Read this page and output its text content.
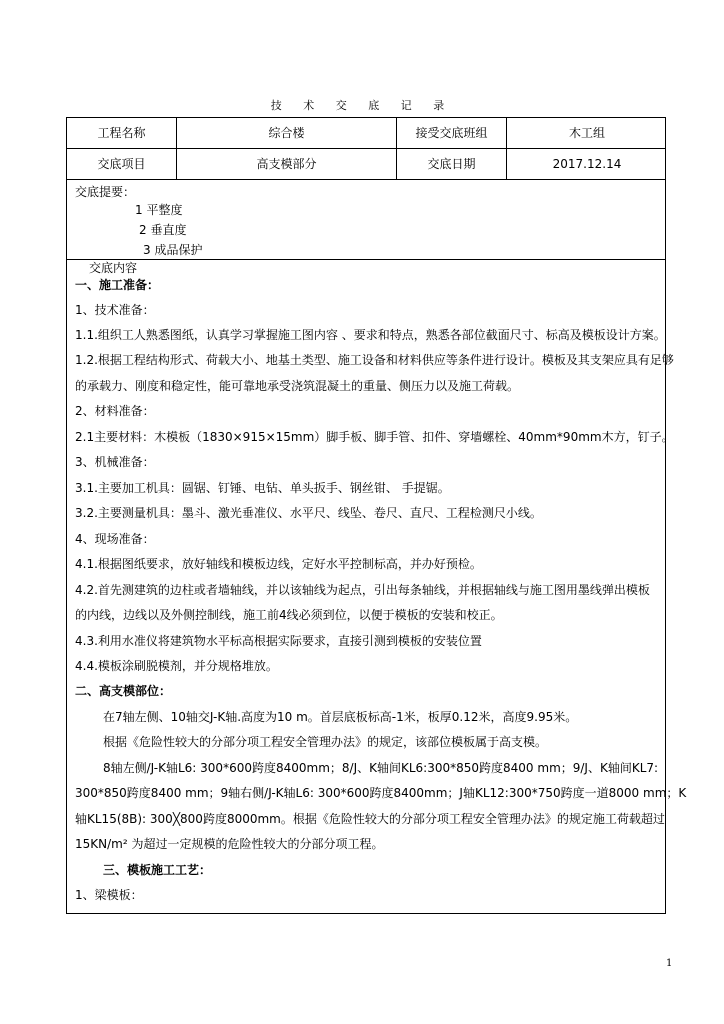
技 术 交 底 记 录
工程名称	综合楼	接受交底班组	木工组
交底项目	高支模部分	交底日期	2017.12.14
交底提要：
1 平整度
2 垂直度
3 成品保护
交底内容
一、施工准备：
1、技术准备：
1.1.组织工人熟悉图纸，认真学习掌握施工图内容 、要求和特点，熟悉各部位截面尺寸、标高及模板设计方案。
1.2.根据工程结构形式、荷载大小、地基土类型、施工设备和材料供应等条件进行设计。模板及其支架应具有足够
的承载力、刚度和稳定性，能可靠地承受浇筑混凝土的重量、侧压力以及施工荷载。
2、材料准备：
2.1主要材料：木模板（1830×915×15mm）脚手板、脚手管、扣件、穿墙螺栓、40mm*90mm木方，钉子。
3、机械准备：
3.1.主要加工机具：圆锯、钉锤、电钻、单头扳手、钢丝钳、 手提锯。
3.2.主要测量机具：墨斗、激光垂准仪、水平尺、线坠、卷尺、直尺、工程检测尺小线。
4、现场准备：
4.1.根据图纸要求，放好轴线和模板边线，定好水平控制标高，并办好预检。
4.2.首先测建筑的边柱或者墙轴线，并以该轴线为起点，引出每条轴线，并根据轴线与施工图用墨线弹出模板
的内线，边线以及外侧控制线，施工前4线必须到位，以便于模板的安装和校正。
4.3.利用水准仪将建筑物水平标高根据实际要求，直接引测到模板的安装位置
4.4.模板涂刷脱模剂，并分规格堆放。
二、高支模部位：
在7轴左侧、10轴交J-K轴.高度为10 m。首层底板标高-1米，板厚0.12米，高度9.95米。
根据《危险性较大的分部分项工程安全管理办法》的规定，该部位模板属于高支模。
8轴左侧/J-K轴L6: 300*600跨度8400mm；8/J、K轴间KL6:300*850跨度8400 mm；9/J、K轴间KL7:
300*850跨度8400 mm；9轴右侧/J-K轴L6: 300*600跨度8400mm；J轴KL12:300*750跨度一道8000 mm；K
轴KL15(8B): 300╳800跨度8000mm。根据《危险性较大的分部分项工程安全管理办法》的规定施工荷载超过
15KN/m² 为超过一定规模的危险性较大的分部分项工程。
三、模板施工工艺：
1、梁模板：
1
